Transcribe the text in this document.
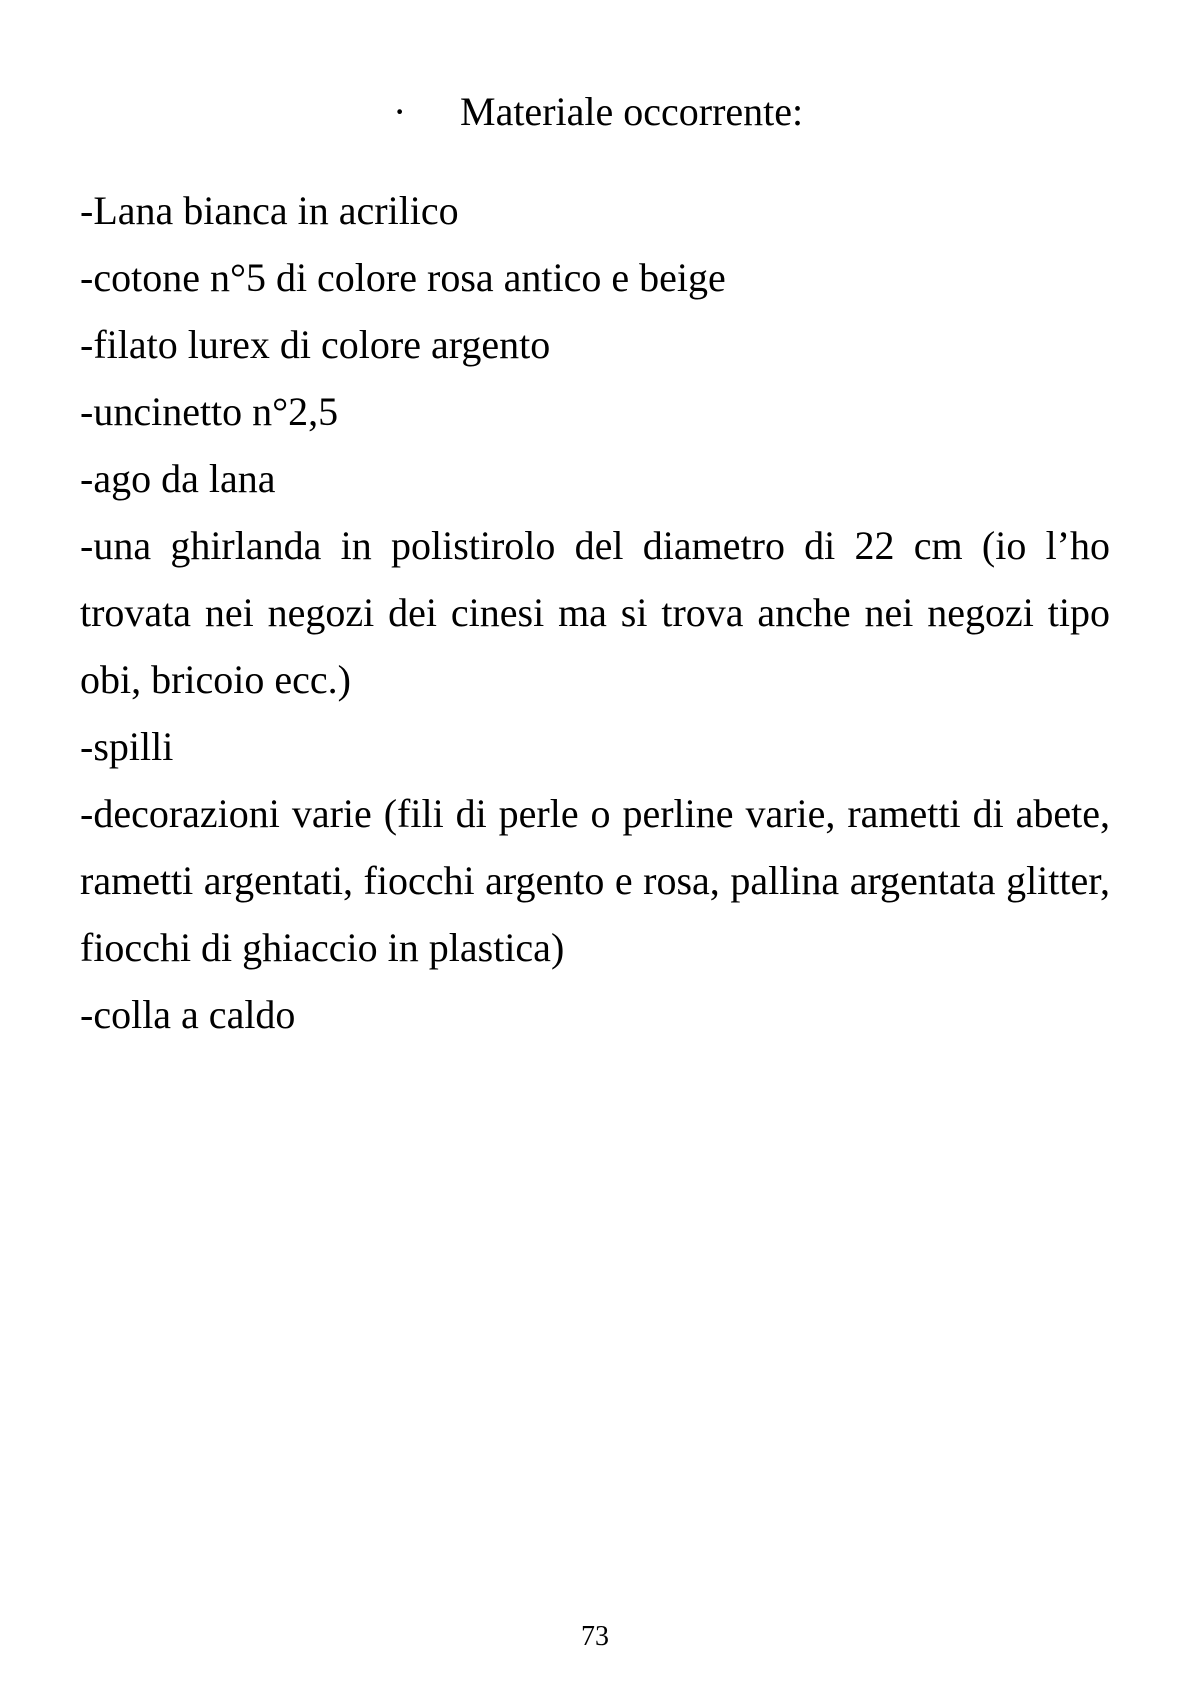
· Materiale occorrente:
-Lana bianca in acrilico
-cotone n°5 di colore rosa antico e beige
-filato lurex di colore argento
-uncinetto n°2,5
-ago da lana
-una ghirlanda in polistirolo del diametro di 22 cm (io l’ho trovata nei negozi dei cinesi ma si trova anche nei negozi tipo obi, bricoio ecc.)
-spilli
-decorazioni varie (fili di perle o perline varie, rametti di abete, rametti argentati, fiocchi argento e rosa, pallina argentata glitter, fiocchi di ghiaccio in plastica)
-colla a caldo
73
